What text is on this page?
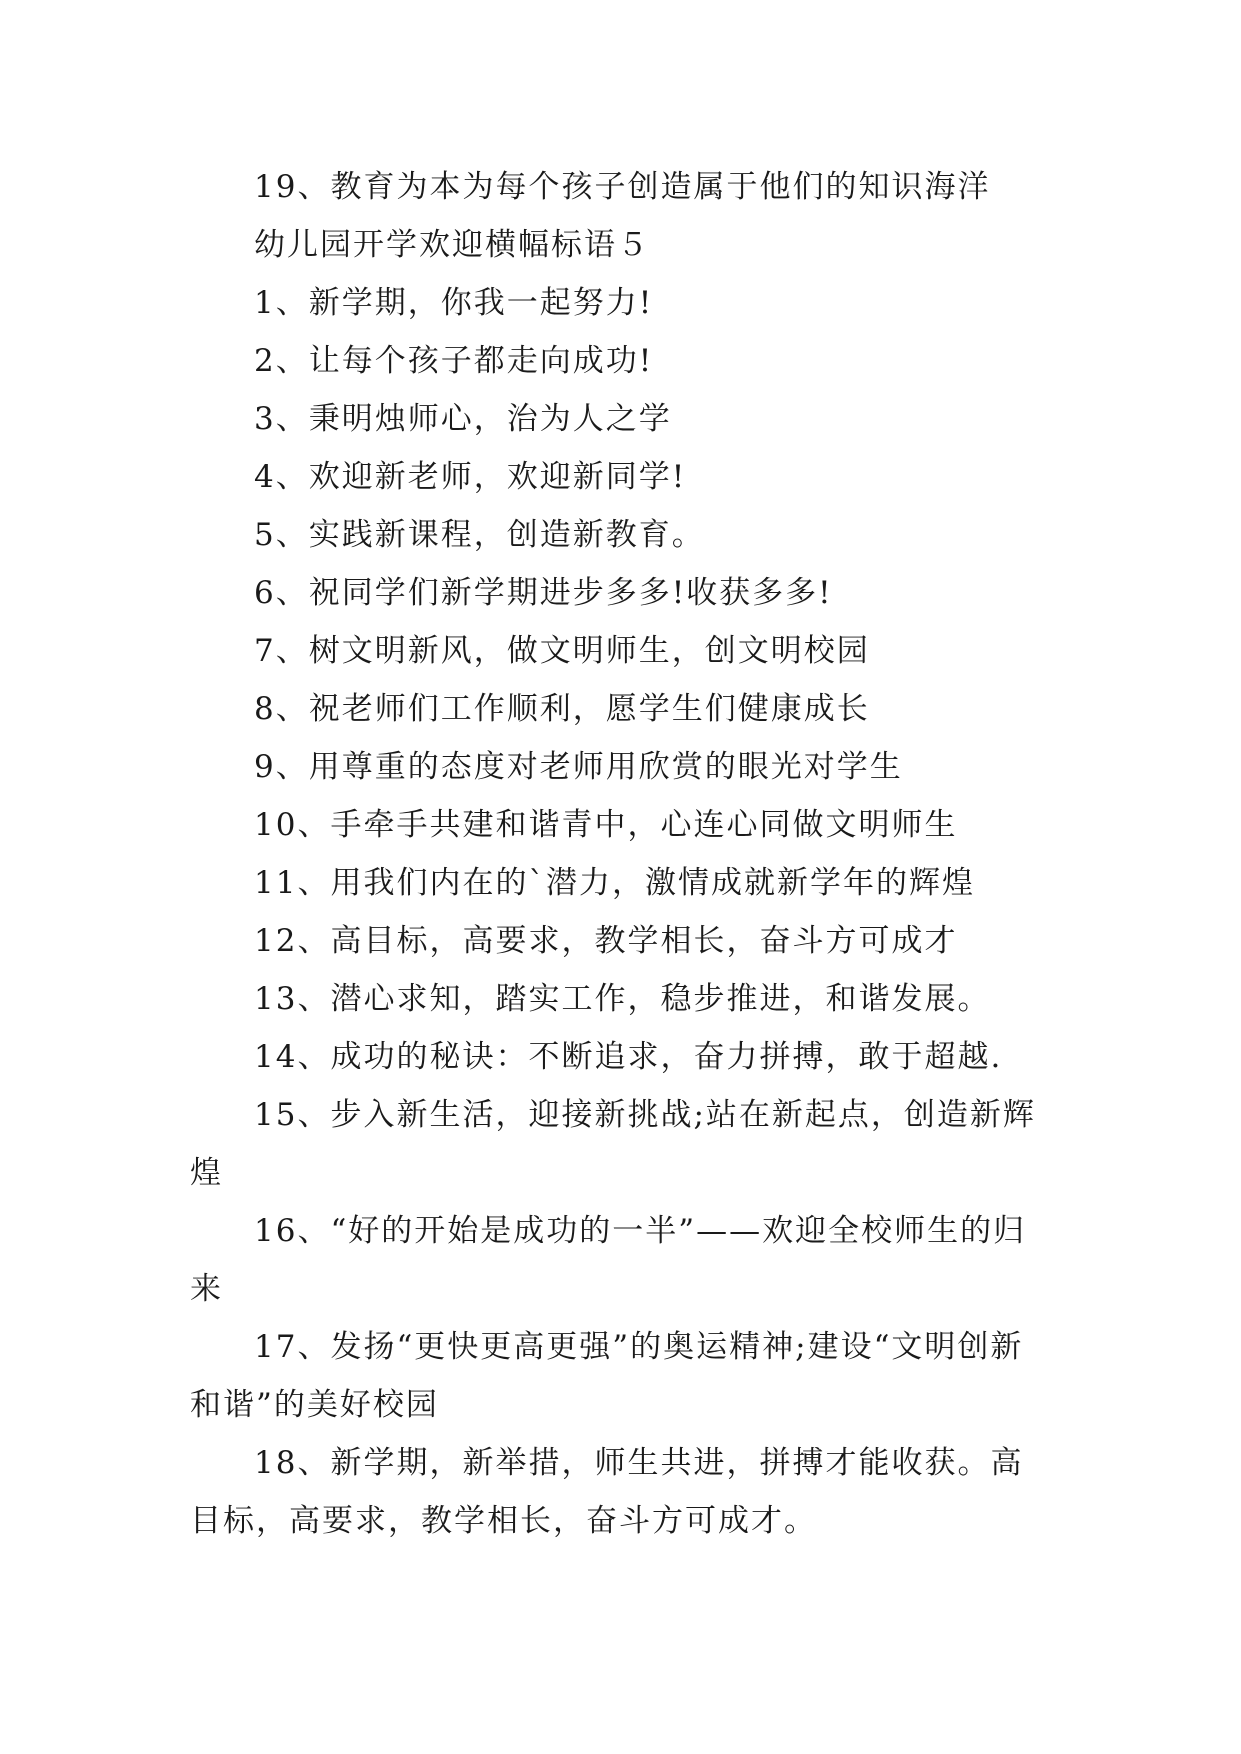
19、教育为本为每个孩子创造属于他们的知识海洋

幼儿园开学欢迎横幅标语５

1、新学期，你我一起努力!

2、让每个孩子都走向成功!

3、秉明烛师心，治为人之学

4、欢迎新老师，欢迎新同学!

5、实践新课程，创造新教育。

6、祝同学们新学期进步多多!收获多多!

7、树文明新风，做文明师生，创文明校园

8、祝老师们工作顺利，愿学生们健康成长

9、用尊重的态度对老师用欣赏的眼光对学生

10、手牵手共建和谐青中，心连心同做文明师生

11、用我们内在的`潜力，激情成就新学年的辉煌

12、高目标，高要求，教学相长，奋斗方可成才

13、潜心求知，踏实工作，稳步推进，和谐发展。

14、成功的秘诀：不断追求，奋力拼搏，敢于超越.

15、步入新生活，迎接新挑战;站在新起点，创造新辉煌

16、“好的开始是成功的一半”——欢迎全校师生的归来

17、发扬“更快更高更强”的奥运精神;建设“文明创新和谐”的美好校园

18、新学期，新举措，师生共进，拼搏才能收获。高目标，高要求，教学相长，奋斗方可成才。
